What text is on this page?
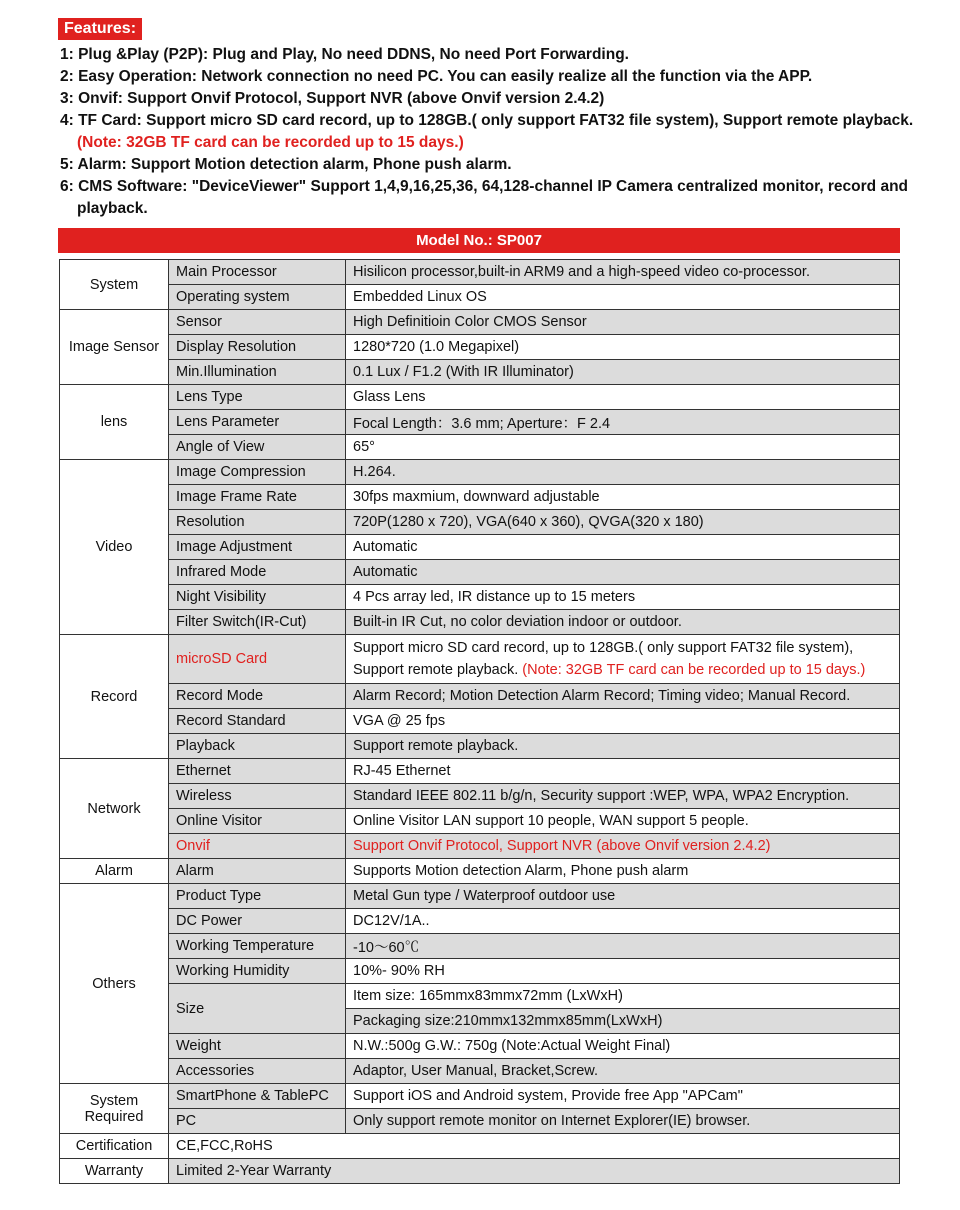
Features:
1: Plug &Play (P2P): Plug and Play, No need DDNS, No need Port Forwarding.
2: Easy Operation: Network connection no need PC. You can easily realize all the function via the APP.
3: Onvif: Support Onvif Protocol, Support NVR (above Onvif version 2.4.2)
4: TF Card: Support micro SD card record, up to 128GB.( only support FAT32 file system), Support remote playback. (Note: 32GB TF card can be recorded up to 15 days.)
5: Alarm: Support Motion detection alarm, Phone push alarm.
6: CMS Software: "DeviceViewer" Support 1,4,9,16,25,36, 64,128-channel IP Camera centralized monitor, record and playback.
Model No.: SP007
System	Main Processor	Hisilicon processor,built-in ARM9 and a high-speed video co-processor.
	Operating system	Embedded Linux OS
Image Sensor	Sensor	High Definitioin Color CMOS Sensor
	Display Resolution	1280*720 (1.0 Megapixel)
	Min.Illumination	0.1 Lux / F1.2 (With IR Illuminator)
lens	Lens Type	Glass Lens
	Lens Parameter	Focal Length：3.6 mm; Aperture：F 2.4
	Angle of View	65°
Video	Image Compression	H.264.
	Image Frame Rate	30fps maxmium, downward adjustable
	Resolution	720P(1280 x 720), VGA(640 x 360), QVGA(320 x 180)
	Image Adjustment	Automatic
	Infrared Mode	Automatic
	Night Visibility	4 Pcs array led, IR distance up to 15 meters
	Filter Switch(IR-Cut)	Built-in IR Cut, no color deviation indoor or outdoor.
Record	microSD Card	Support micro SD card record, up to 128GB.( only support FAT32 file system), Support remote playback. (Note: 32GB TF card can be recorded up to 15 days.)
	Record Mode	Alarm Record; Motion Detection Alarm Record; Timing video; Manual Record.
	Record Standard	VGA @ 25 fps
	Playback	Support remote playback.
Network	Ethernet	RJ-45 Ethernet
	Wireless	Standard IEEE 802.11 b/g/n, Security support :WEP, WPA, WPA2 Encryption.
	Online Visitor	Online Visitor LAN support 10 people, WAN support 5 people.
	Onvif	Support Onvif Protocol, Support NVR (above Onvif version 2.4.2)
Alarm	Alarm	Supports Motion detection Alarm, Phone push alarm
Others	Product Type	Metal Gun type / Waterproof outdoor use
	DC Power	DC12V/1A..
	Working Temperature	-10～60℃
	Working Humidity	10%- 90% RH
	Size	Item size: 165mmx83mmx72mm (LxWxH)
		Packaging size:210mmx132mmx85mm(LxWxH)
	Weight	N.W.:500g G.W.: 750g (Note:Actual Weight Final)
	Accessories	Adaptor, User Manual, Bracket,Screw.
System
Required	SmartPhone & TablePC	Support iOS and Android system, Provide free App "APCam"
	PC	Only support remote monitor on Internet Explorer(IE) browser.
Certification	CE,FCC,RoHS	
Warranty	Limited 2-Year Warranty	
